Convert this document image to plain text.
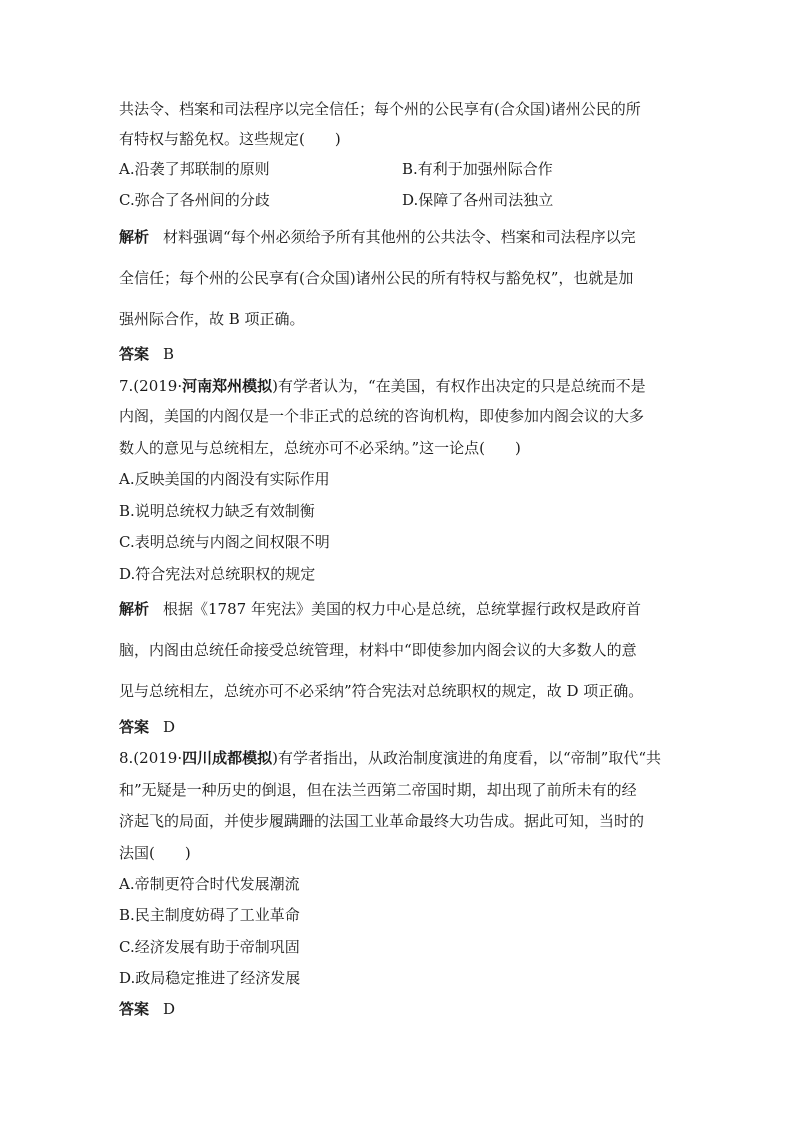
共法令、档案和司法程序以完全信任；每个州的公民享有(合众国)诸州公民的所
有特权与豁免权。这些规定(　　)
A.沿袭了邦联制的原则	B.有利于加强州际合作
C.弥合了各州间的分歧	D.保障了各州司法独立
解析 材料强调“每个州必须给予所有其他州的公共法令、档案和司法程序以完
全信任；每个州的公民享有(合众国)诸州公民的所有特权与豁免权”，也就是加
强州际合作，故 B 项正确。
答案 B
7.(2019·河南郑州模拟)有学者认为，“在美国，有权作出决定的只是总统而不是
内阁，美国的内阁仅是一个非正式的总统的咨询机构，即使参加内阁会议的大多
数人的意见与总统相左，总统亦可不必采纳。”这一论点(　　)
A.反映美国的内阁没有实际作用
B.说明总统权力缺乏有效制衡
C.表明总统与内阁之间权限不明
D.符合宪法对总统职权的规定
解析 根据《1787 年宪法》美国的权力中心是总统，总统掌握行政权是政府首
脑，内阁由总统任命接受总统管理，材料中“即使参加内阁会议的大多数人的意
见与总统相左，总统亦可不必采纳”符合宪法对总统职权的规定，故 D 项正确。
答案 D
8.(2019·四川成都模拟)有学者指出，从政治制度演进的角度看，以“帝制”取代“共
和”无疑是一种历史的倒退，但在法兰西第二帝国时期，却出现了前所未有的经
济起飞的局面，并使步履蹒跚的法国工业革命最终大功告成。据此可知，当时的
法国(　　)
A.帝制更符合时代发展潮流
B.民主制度妨碍了工业革命
C.经济发展有助于帝制巩固
D.政局稳定推进了经济发展
答案 D
